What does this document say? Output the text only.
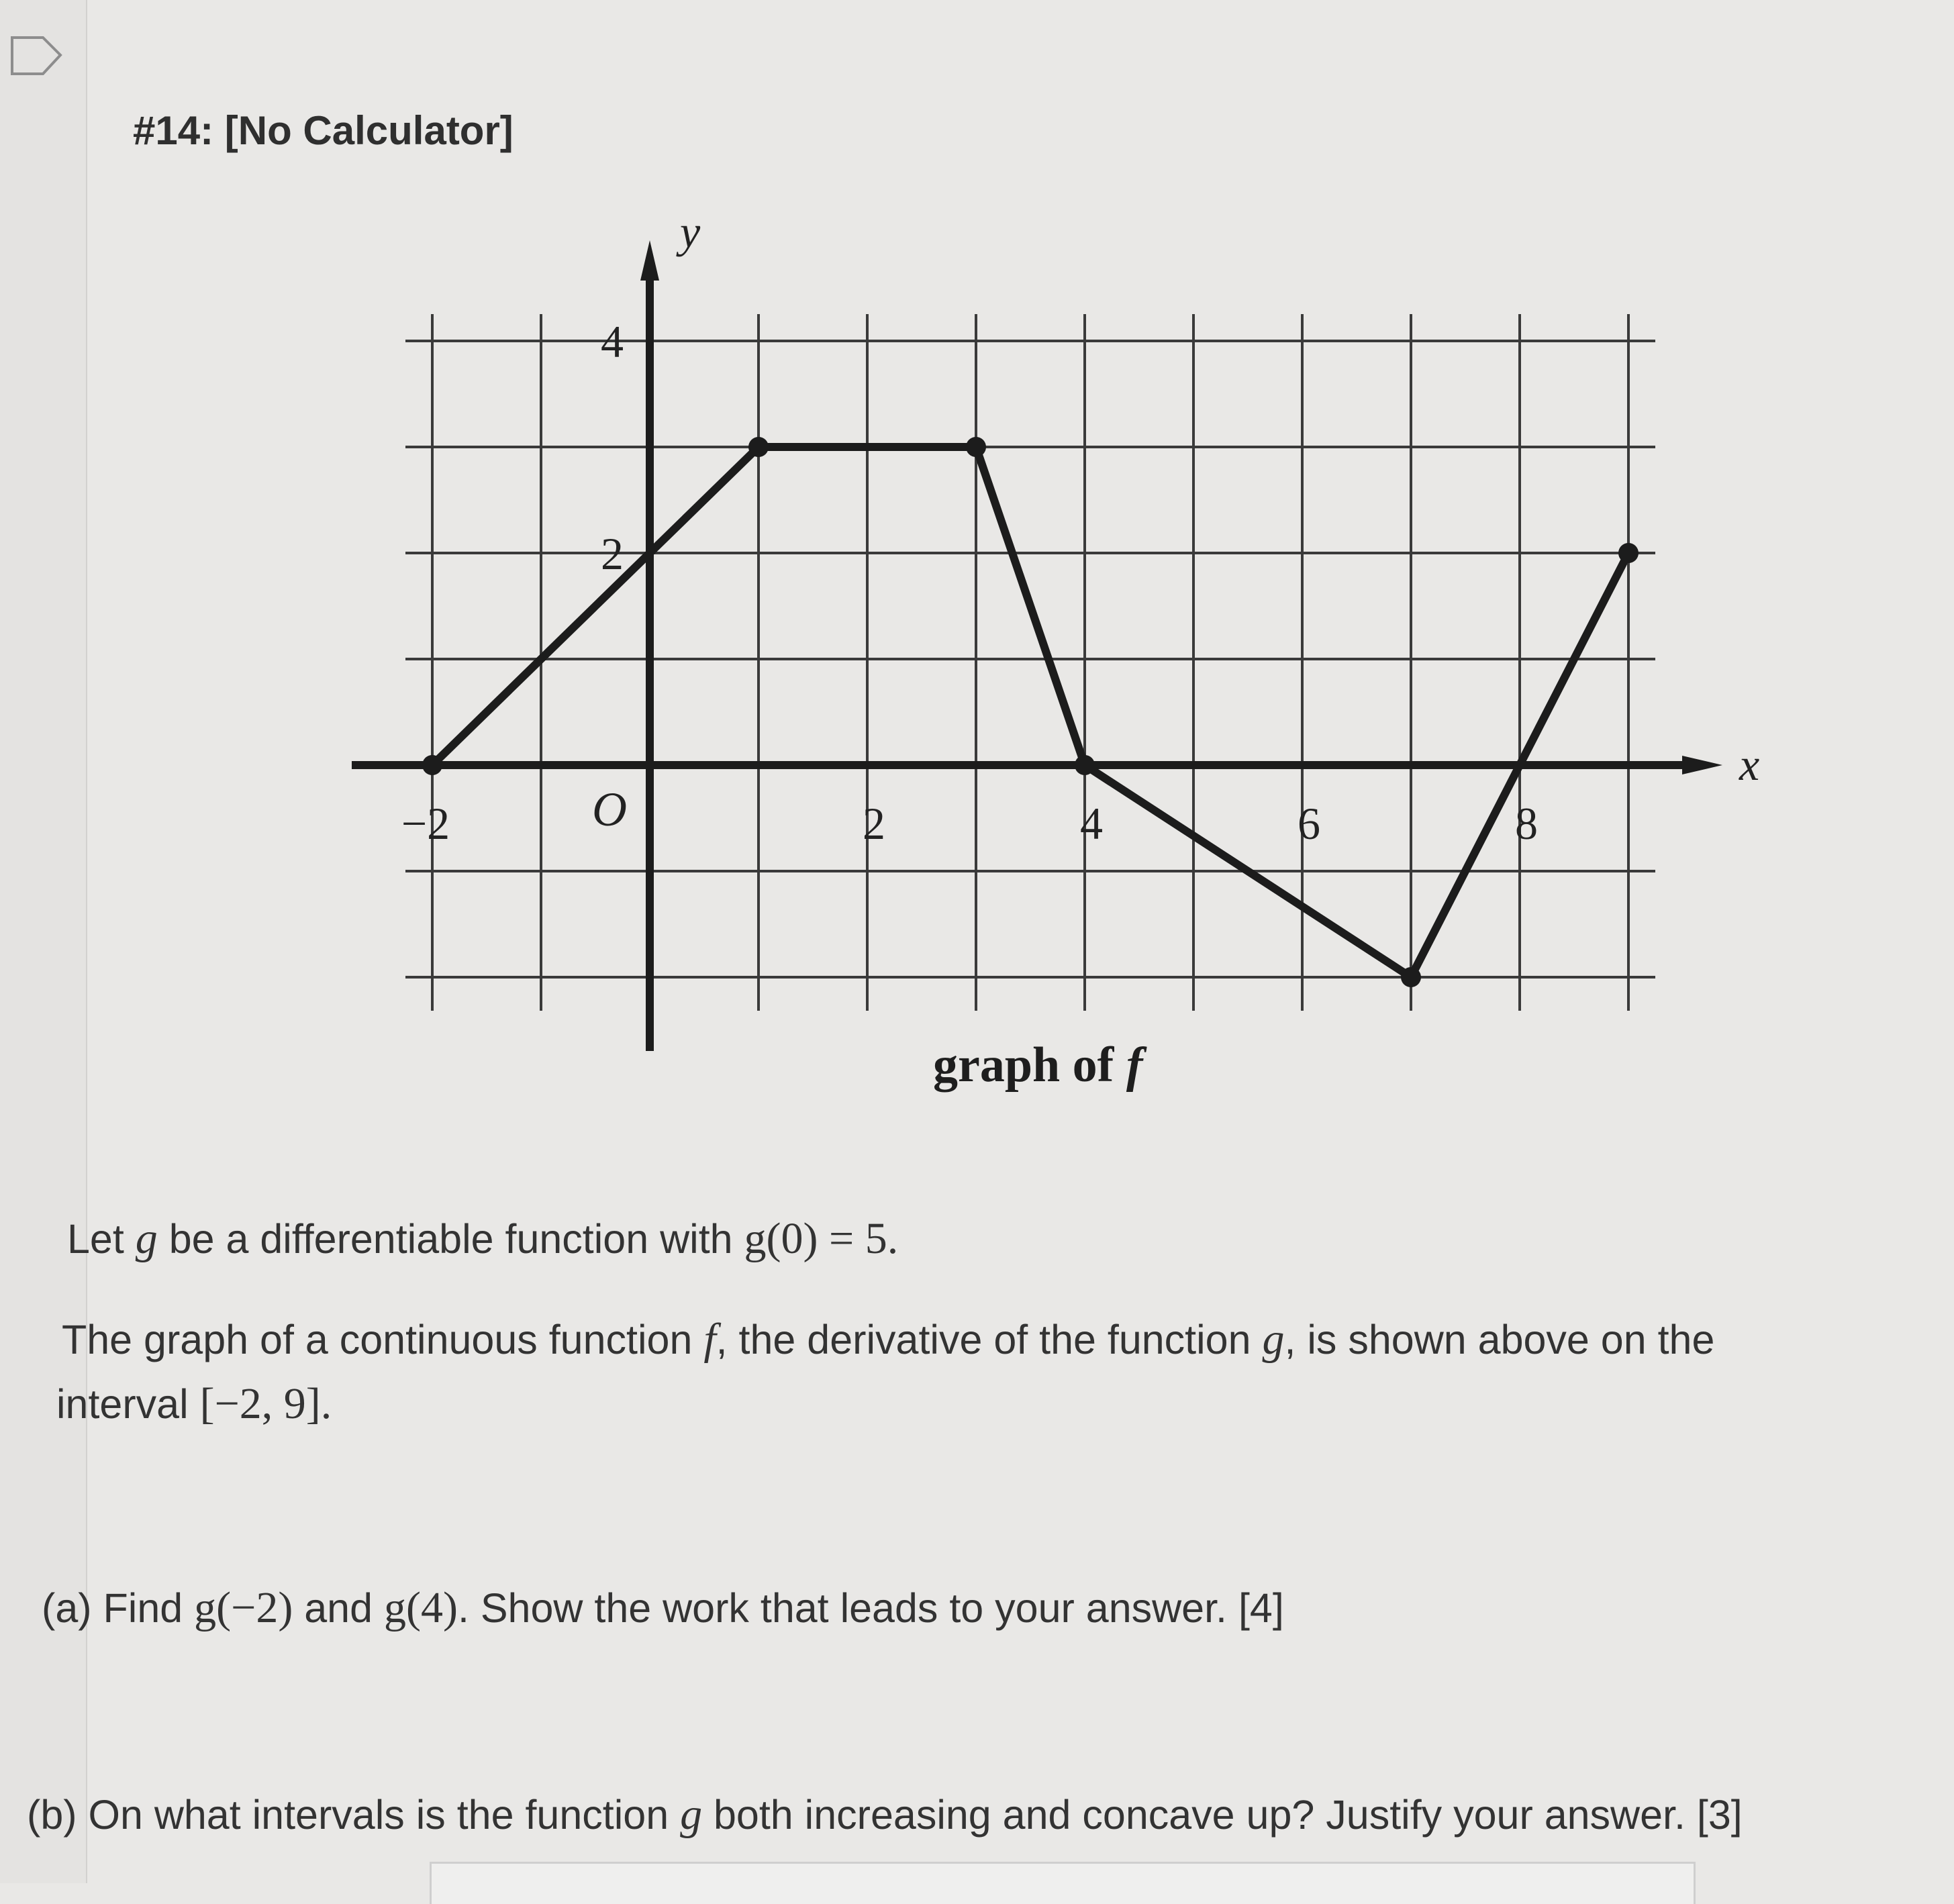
#14: [No Calculator]
−2	2	4	6	8
4
2
O
x
y
graph of f
Let g be a differentiable function with g(0) = 5.
The graph of a continuous function f, the derivative of the function g, is shown above on the
interval [−2, 9].
(a) Find g(−2) and g(4). Show the work that leads to your answer. [4]
(b) On what intervals is the function g both increasing and concave up? Justify your answer. [3]
